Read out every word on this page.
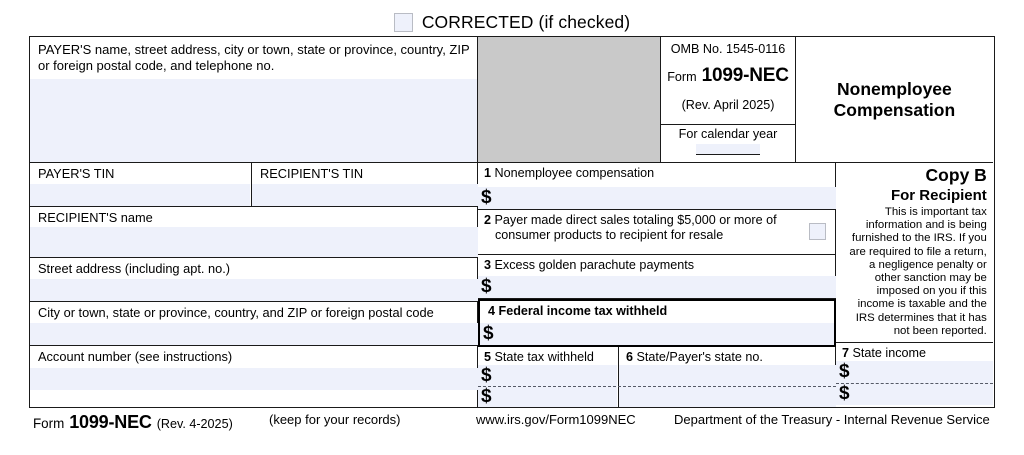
CORRECTED (if checked)
PAYER'S name, street address, city or town, state or province, country, ZIP or foreign postal code, and telephone no.
OMB No. 1545-0116
Form 1099-NEC
(Rev. April 2025)
For calendar year
Nonemployee
Compensation
PAYER'S TIN	RECIPIENT'S TIN
RECIPIENT'S name
Street address (including apt. no.)
City or town, state or province, country, and ZIP or foreign postal code
Account number (see instructions)
1 Nonemployee compensation
$
2 Payer made direct sales totaling $5,000 or more of
consumer products to recipient for resale
3 Excess golden parachute payments
$
4 Federal income tax withheld
$
5 State tax withheld	6 State/Payer's state no.
$
$
Copy B
For Recipient
This is important tax information and is being furnished to the IRS. If you are required to file a return, a negligence penalty or other sanction may be imposed on you if this income is taxable and the IRS determines that it has not been reported.
7 State income
$
$
Form 1099-NEC (Rev. 4-2025)	(keep for your records)	www.irs.gov/Form1099NEC	Department of the Treasury - Internal Revenue Service
